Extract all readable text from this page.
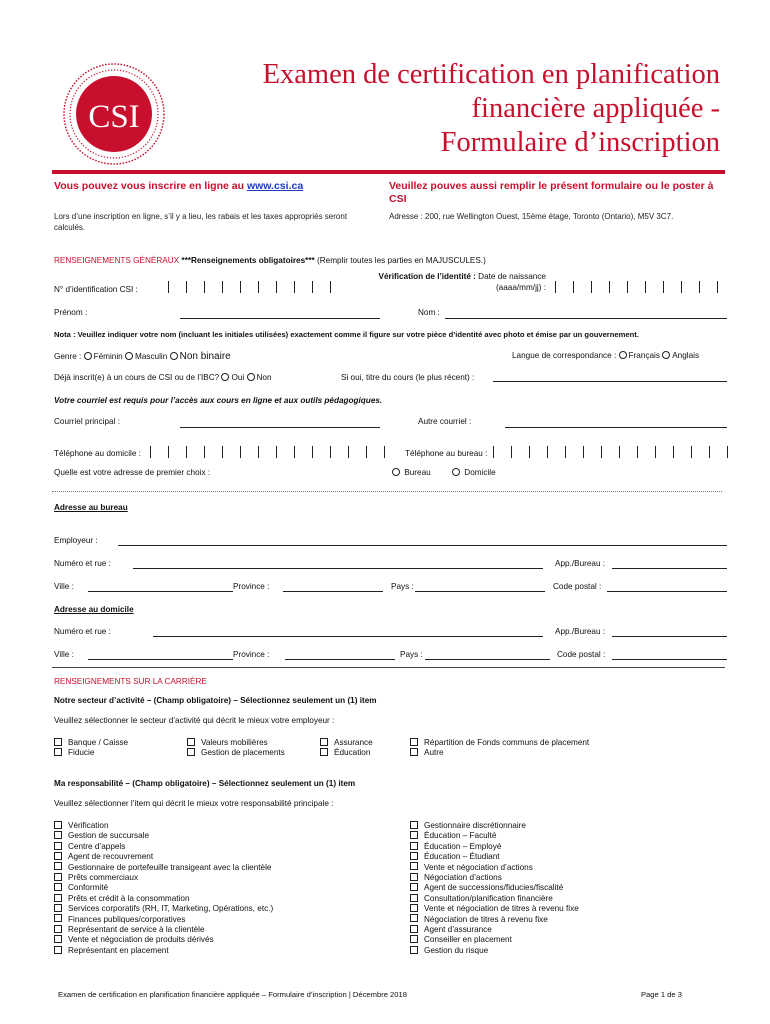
CSI
Examen de certification en planification
financière appliquée -
Formulaire d’inscription
Vous pouvez vous inscrire en ligne au www.csi.ca
Lors d’une inscription en ligne, s’il y a lieu, les rabais et les taxes appropriés seront calculés.
Veuillez pouves aussi remplir le présent formulaire ou le poster à CSI
Adresse : 200, rue Wellington Ouest, 15ème étage, Toronto (Ontario), M5V 3C7.
RENSEIGNEMENTS GÉNÉRAUX ***Renseignements obligatoires*** (Remplir toutes les parties en MAJUSCULES.)
N° d’identification CSI :
Vérification de l’identité : Date de naissance
(aaaa/mm/jj) :
Prénom :	Nom :
Nota : Veuillez indiquer votre nom (incluant les initiales utilisées) exactement comme il figure sur votre pièce d’identité avec photo et émise par un gouvernement.
Genre : Féminin Masculin Non binaire	Langue de correspondance : Français Anglais
Déjà inscrit(e) à un cours de CSI ou de l’IBC? Oui Non	Si oui, titre du cours (le plus récent) :
Votre courriel est requis pour l’accès aux cours en ligne et aux outils pédagogiques.
Courriel principal :	Autre courriel :
Téléphone au domicile :	Téléphone au bureau :
Quelle est votre adresse de premier choix :	Bureau	Domicile
Adresse au bureau
Employeur :
Numéro et rue :	App./Bureau :
Ville :	Province :	Pays :	Code postal :
Adresse au domicile
Numéro et rue :	App./Bureau :
Ville :	Province :	Pays :	Code postal :
RENSEIGNEMENTS SUR LA CARRIÈRE
Notre secteur d’activité – (Champ obligatoire) – Sélectionnez seulement un (1) item
Veuillez sélectionner le secteur d’activité qui décrit le mieux votre employeur :
Banque / Caisse
Fiducie
Valeurs mobilières
Gestion de placements
Assurance
Éducation
Répartition de Fonds communs de placement
Autre
Ma responsabilité – (Champ obligatoire) – Sélectionnez seulement un (1) item
Veuillez sélectionner l’item qui décrit le mieux votre responsabilité principale :
Vérification
Gestion de succursale
Centre d’appels
Agent de recouvrement
Gestionnaire de portefeuille transigeant avec la clientèle
Prêts commerciaux
Conformité
Prêts et crédit à la consommation
Services corporatifs (RH, IT, Marketing, Opérations, etc.)
Finances publiques/corporatives
Représentant de service à la clientèle
Vente et négociation de produits dérivés
Représentant en placement
Gestionnaire discrétionnaire
Éducation – Faculté
Éducation – Employé
Éducation – Étudiant
Vente et négociation d’actions
Négociation d’actions
Agent de successions/fiducies/fiscalité
Consultation/planification financière
Vente et négociation de titres à revenu fixe
Négociation de titres à revenu fixe
Agent d’assurance
Conseiller en placement
Gestion du risque
Examen de certification en planification financière appliquée – Formulaire d’inscription | Décembre 2018	Page 1 de 3
